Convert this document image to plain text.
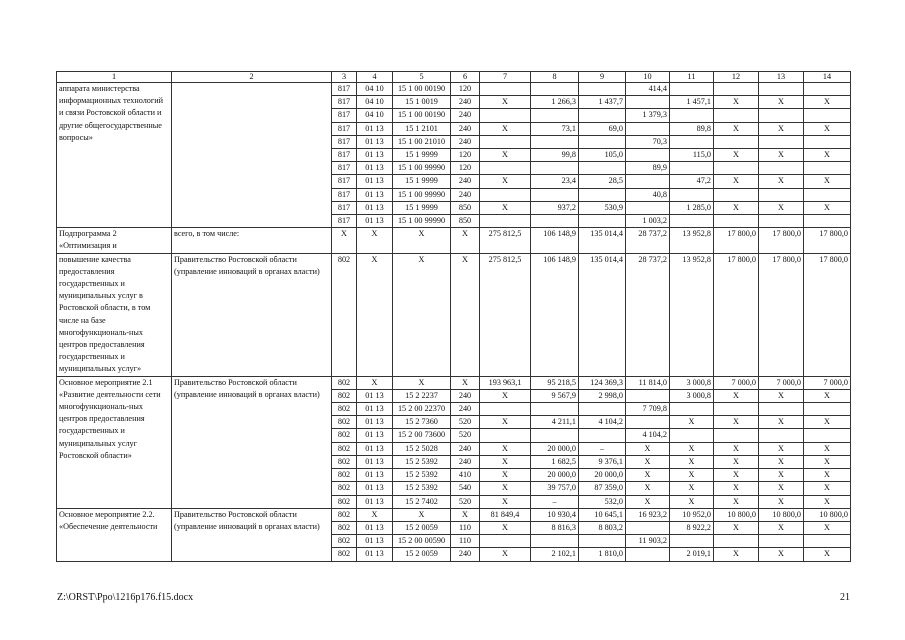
1	2	3	4	5	6	7	8	9	10	11	12	13	14
аппарата министерства информационных технологий и связи Ростовской области и другие общегосударственные вопросы»		817	04 10	15 1 00 00190	120				414,4				
		817	04 10	15 1 0019	240	X	1 266,3	1 437,7		1 457,1	X	X	X
		817	04 10	15 1 00 00190	240				1 379,3				
		817	01 13	15 1 2101	240	X	73,1	69,0		89,8	X	X	X
		817	01 13	15 1 00 21010	240				70,3				
		817	01 13	15 1 9999	120	X	99,8	105,0		115,0	X	X	X
		817	01 13	15 1 00 99990	120				89,9				
		817	01 13	15 1 9999	240	X	23,4	28,5		47,2	X	X	X
		817	01 13	15 1 00 99990	240				40,8				
		817	01 13	15 1 9999	850	X	937,2	530,9		1 285,0	X	X	X
		817	01 13	15 1 00 99990	850				1 003,2				
Подпрограмма 2 «Оптимизация и	всего, в том числе:	X	X	X	X	275 812,5	106 148,9	135 014,4	28 737,2	13 952,8	17 800,0	17 800,0	17 800,0
повышение качества предоставления государственных и муниципальных услуг в Ростовской области, в том числе на базе многофункциональ-ных центров предоставления государственных и муниципальных услуг»	Правительство Ростовской области (управление инноваций в органах власти)	802	X	X	X	275 812,5	106 148,9	135 014,4	28 737,2	13 952,8	17 800,0	17 800,0	17 800,0
Основное мероприятие 2.1 «Развитие деятельности сети многофункциональ-ных центров предоставления государственных и муниципальных услуг Ростовской области»	Правительство Ростовской области (управление инноваций в органах власти)	802	X	X	X	193 963,1	95 218,5	124 369,3	11 814,0	3 000,8	7 000,0	7 000,0	7 000,0
		802	01 13	15 2 2237	240	X	9 567,9	2 998,0		3 000,8	X	X	X
		802	01 13	15 2 00 22370	240				7 709,8				
		802	01 13	15 2 7360	520	X	4 211,1	4 104,2		X	X	X	X
		802	01 13	15 2 00 73600	520				4 104,2				
		802	01 13	15 2 5028	240	X	20 000,0	–	X	X	X	X	X
		802	01 13	15 2 5392	240	X	1 682,5	9 376,1	X	X	X	X	X
		802	01 13	15 2 5392	410	X	20 000,0	20 000,0	X	X	X	X	X
		802	01 13	15 2 5392	540	X	39 757,0	87 359,0	X	X	X	X	X
		802	01 13	15 2 7402	520	X	–	532,0	X	X	X	X	X
Основное мероприятие 2.2. «Обеспечение деятельности	Правительство Ростовской области (управление инноваций в органах власти)	802	X	X	X	81 849,4	10 930,4	10 645,1	16 923,2	10 952,0	10 800,0	10 800,0	10 800,0
		802	01 13	15 2 0059	110	X	8 816,3	8 803,2		8 922,2	X	X	X
		802	01 13	15 2 00 00590	110				11 903,2				
		802	01 13	15 2 0059	240	X	2 102,1	1 810,0		2 019,1	X	X	X
Z:\ORST\Ppo\1216p176.f15.docx	21
